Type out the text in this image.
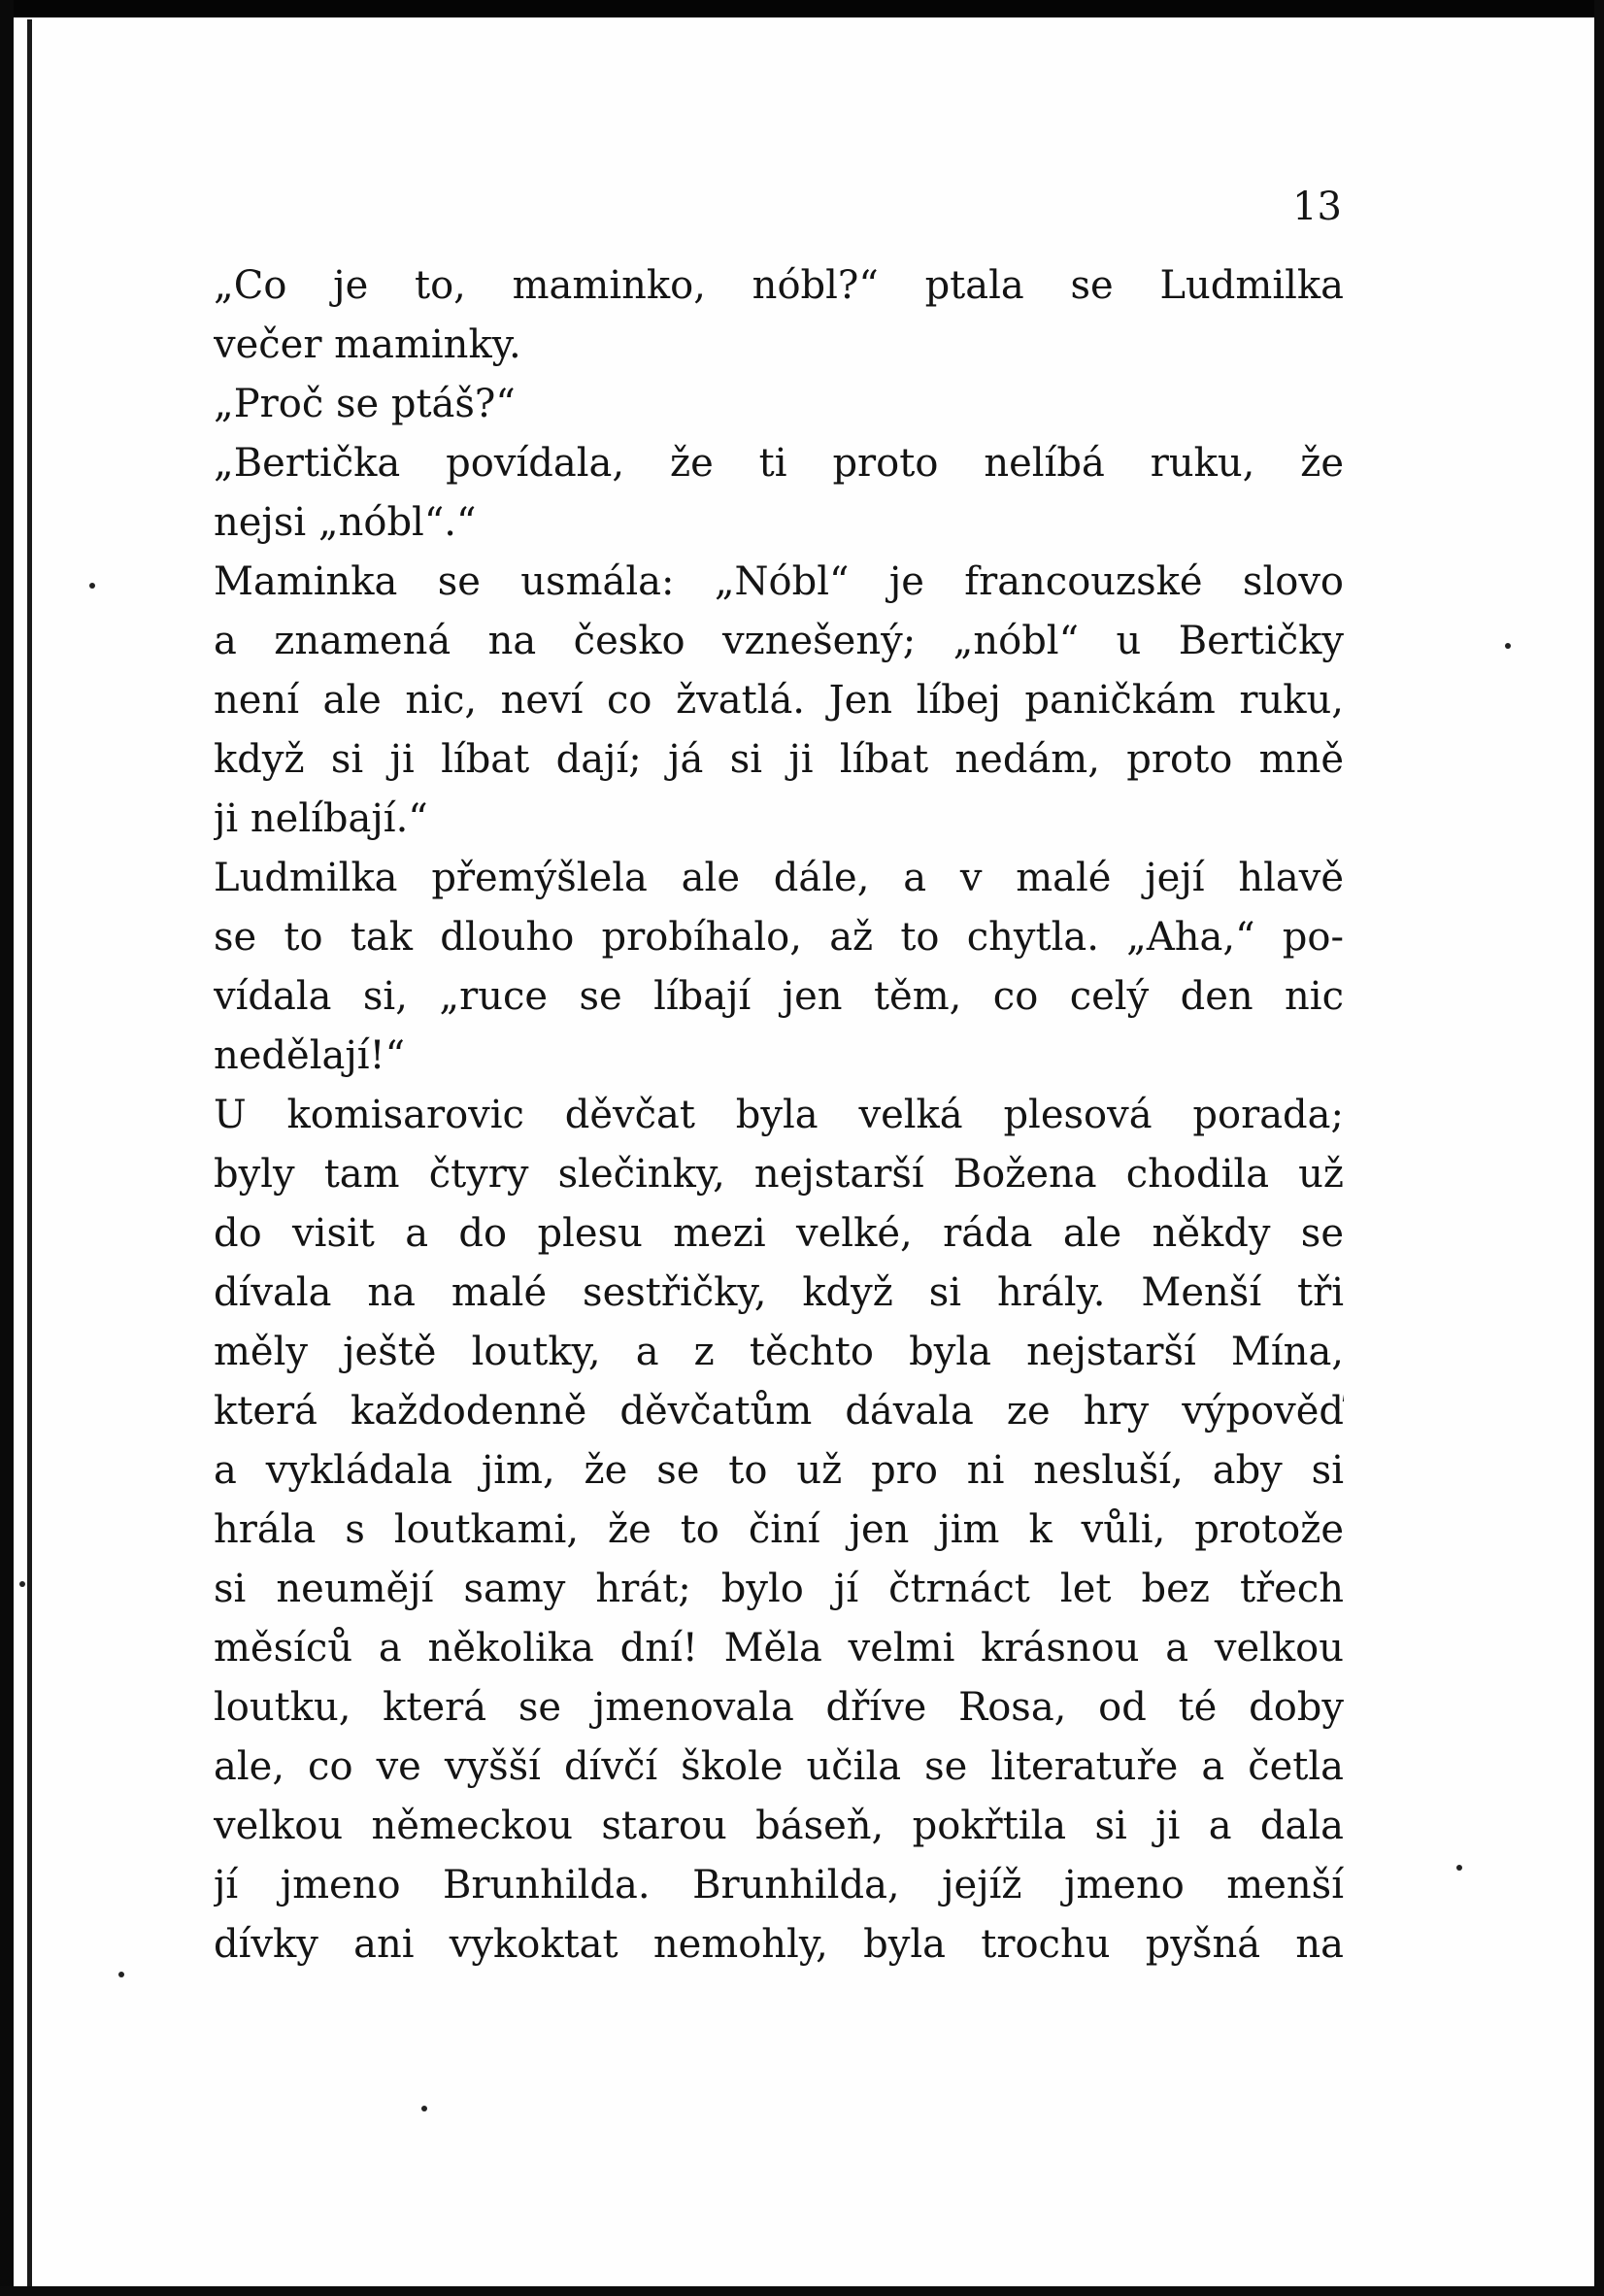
13
„Co je to, maminko, nóbl?“ ptala se Ludmilka
večer maminky.
„Proč se ptáš?“
„Bertička povídala, že ti proto nelíbá ruku, že
nejsi „nóbl“.“
Maminka se usmála: „Nóbl“ je francouzské slovo
a znamená na česko vznešený; „nóbl“ u Bertičky
není ale nic, neví co žvatlá. Jen líbej paničkám ruku,
když si ji líbat dají; já si ji líbat nedám, proto mně
ji nelíbají.“
Ludmilka přemýšlela ale dále, a v malé její hlavě
se to tak dlouho probíhalo, až to chytla. „Aha,“ po-
vídala si, „ruce se líbají jen těm, co celý den nic
nedělají!“
U komisarovic děvčat byla velká plesová porada;
byly tam čtyry slečinky, nejstarší Božena chodila už
do visit a do plesu mezi velké, ráda ale někdy se
dívala na malé sestřičky, když si hrály. Menší tři
měly ještě loutky, a z těchto byla nejstarší Mína,
která každodenně děvčatům dávala ze hry výpověď
a vykládala jim, že se to už pro ni nesluší, aby si
hrála s loutkami, že to činí jen jim k vůli, protože
si neumějí samy hrát; bylo jí čtrnáct let bez třech
měsíců a několika dní! Měla velmi krásnou a velkou
loutku, která se jmenovala dříve Rosa, od té doby
ale, co ve vyšší dívčí škole učila se literatuře a četla
velkou německou starou báseň, pokřtila si ji a dala
jí jmeno Brunhilda. Brunhilda, jejíž jmeno menší
dívky ani vykoktat nemohly, byla trochu pyšná na
